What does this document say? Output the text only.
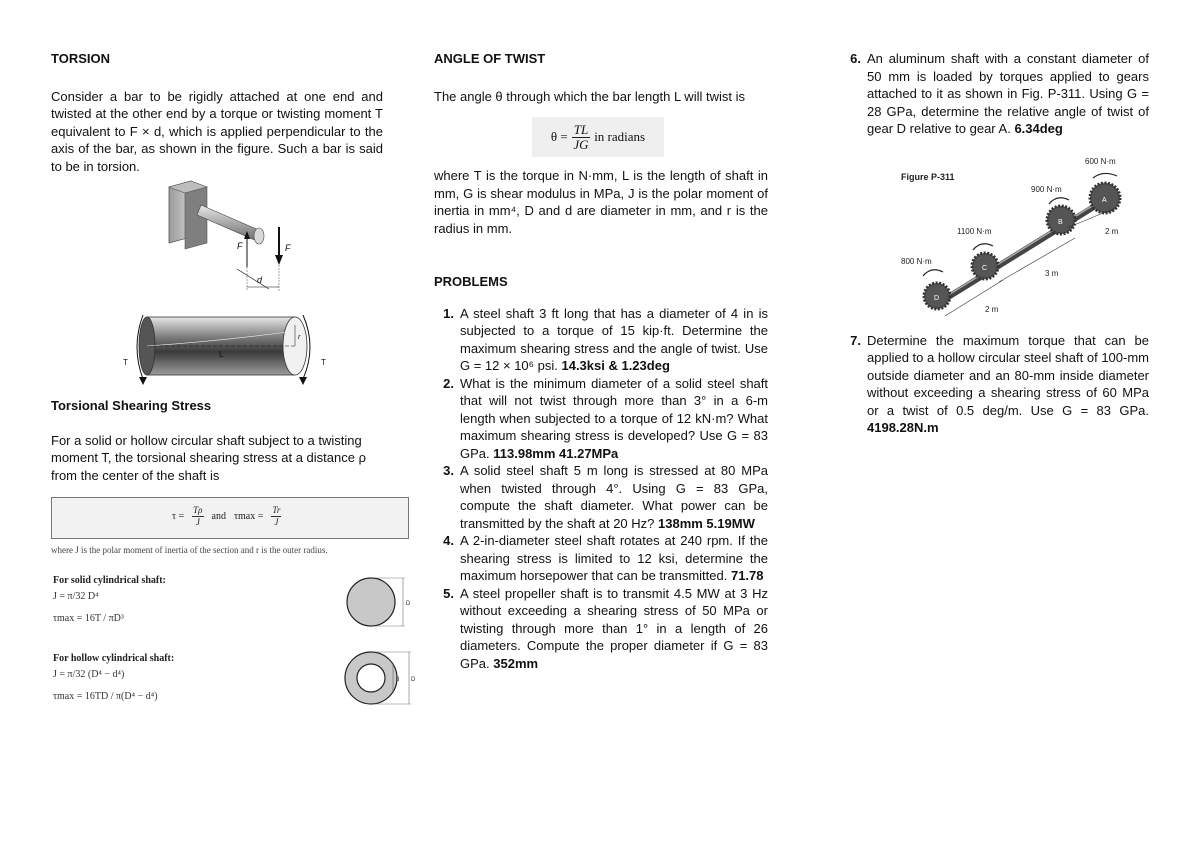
TORSION

Consider a bar to be rigidly attached at one end and twisted at the other end by a torque or twisting moment T equivalent to F × d, which is applied perpendicular to the axis of the bar, as shown in the figure. Such a bar is said to be in torsion.

F	F
d
T
r
L
T
Torsional Shearing Stress

For a solid or hollow circular shaft subject to a twisting moment T, the torsional shearing stress at a distance ρ from the center of the shaft is

$\tau = \frac{T\rho}{J}$ and $\tau\max = \frac{Tr}{J}$
where J is the polar moment of inertia of the section and r is the outer radius.
For solid cylindrical shaft:
J = π/32 D⁴
τmax = 16T / πD³
D
For hollow cylindrical shaft:
J = π/32 (D⁴ − d⁴)
τmax = 16TD / π(D⁴ − d⁴)
d D
ANGLE OF TWIST

The angle θ through which the bar length L will twist is

$\theta = \frac{TL}{JG}$ in radians

where T is the torque in N·mm, L is the length of shaft in mm, G is shear modulus in MPa, J is the polar moment of inertia in mm⁴, D and d are diameter in mm, and r is the radius in mm.

PROBLEMS
1. A steel shaft 3 ft long that has a diameter of 4 in is subjected to a torque of 15 kip·ft. Determine the maximum shearing stress and the angle of twist. Use G = 12 × 10⁶ psi. 14.3ksi & 1.23deg
2. What is the minimum diameter of a solid steel shaft that will not twist through more than 3° in a 6-m length when subjected to a torque of 12 kN·m? What maximum shearing stress is developed? Use G = 83 GPa. 113.98mm 41.27MPa
3. A solid steel shaft 5 m long is stressed at 80 MPa when twisted through 4°. Using G = 83 GPa, compute the shaft diameter. What power can be transmitted by the shaft at 20 Hz? 138mm 5.19MW
4. A 2-in-diameter steel shaft rotates at 240 rpm. If the shearing stress is limited to 12 ksi, determine the maximum horsepower that can be transmitted. 71.78
5. A steel propeller shaft is to transmit 4.5 MW at 3 Hz without exceeding a shearing stress of 50 MPa or twisting through more than 1° in a length of 26 diameters. Compute the proper diameter if G = 83 GPa. 352mm
6. An aluminum shaft with a constant diameter of 50 mm is loaded by torques applied to gears attached to it as shown in Fig. P-311. Using G = 28 GPa, determine the relative angle of twist of gear D relative to gear A. 6.34deg
Figure P-311
D
C
B
A
800 N·m
1100 N·m
900 N·m
600 N·m
2 m
3 m
2 m
7. Determine the maximum torque that can be applied to a hollow circular steel shaft of 100-mm outside diameter and an 80-mm inside diameter without exceeding a shearing stress of 60 MPa or a twist of 0.5 deg/m. Use G = 83 GPa. 4198.28N.m
